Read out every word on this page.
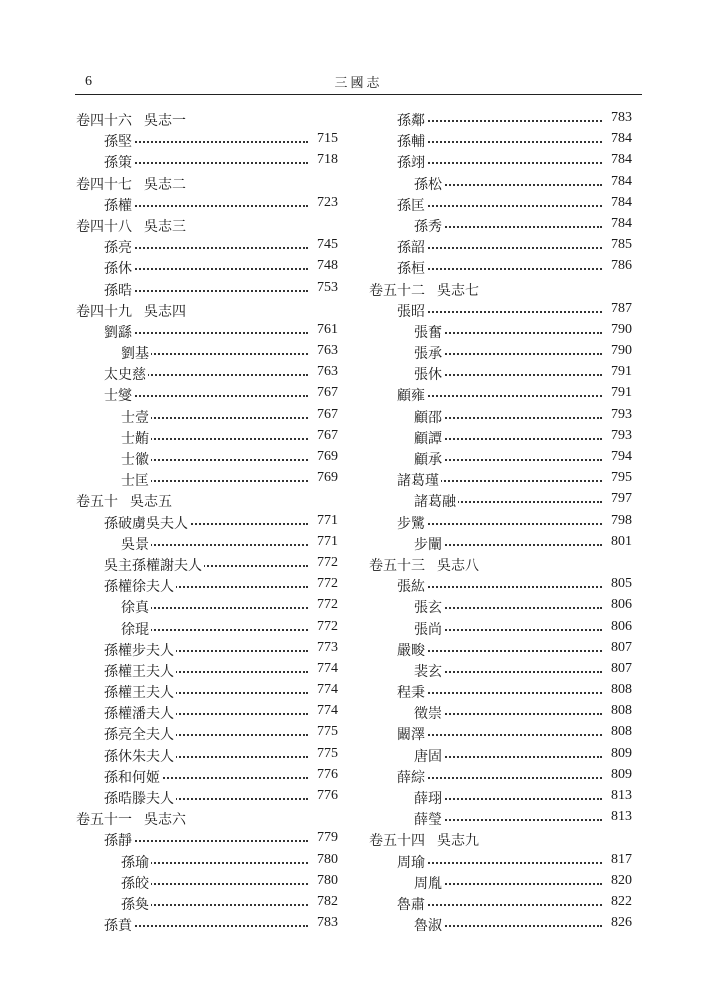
6	三國志
卷四十六 吳志一
孫堅	715
孫策	718
卷四十七 吳志二
孫權	723
卷四十八 吳志三
孫亮	745
孫休	748
孫晧	753
卷四十九 吳志四
劉繇	761
劉基	763
太史慈	763
士燮	767
士壹	767
士䵋	767
士徽	769
士匡	769
卷五十 吳志五
孫破虜吳夫人	771
吳景	771
吳主孫權謝夫人	772
孫權徐夫人	772
徐真	772
徐琨	772
孫權步夫人	773
孫權王夫人	774
孫權王夫人	774
孫權潘夫人	774
孫亮全夫人	775
孫休朱夫人	775
孫和何姬	776
孫晧滕夫人	776
卷五十一 吳志六
孫靜	779
孫瑜	780
孫皎	780
孫奐	782
孫賁	783
孫鄰	783
孫輔	784
孫翊	784
孫松	784
孫匡	784
孫秀	784
孫韶	785
孫桓	786
卷五十二 吳志七
張昭	787
張奮	790
張承	790
張休	791
顧雍	791
顧邵	793
顧譚	793
顧承	794
諸葛瑾	795
諸葛融	797
步騭	798
步闡	801
卷五十三 吳志八
張紘	805
張玄	806
張尚	806
嚴畯	807
裴玄	807
程秉	808
徵崇	808
闞澤	808
唐固	809
薛綜	809
薛珝	813
薛瑩	813
卷五十四 吳志九
周瑜	817
周胤	820
魯肅	822
魯淑	826
